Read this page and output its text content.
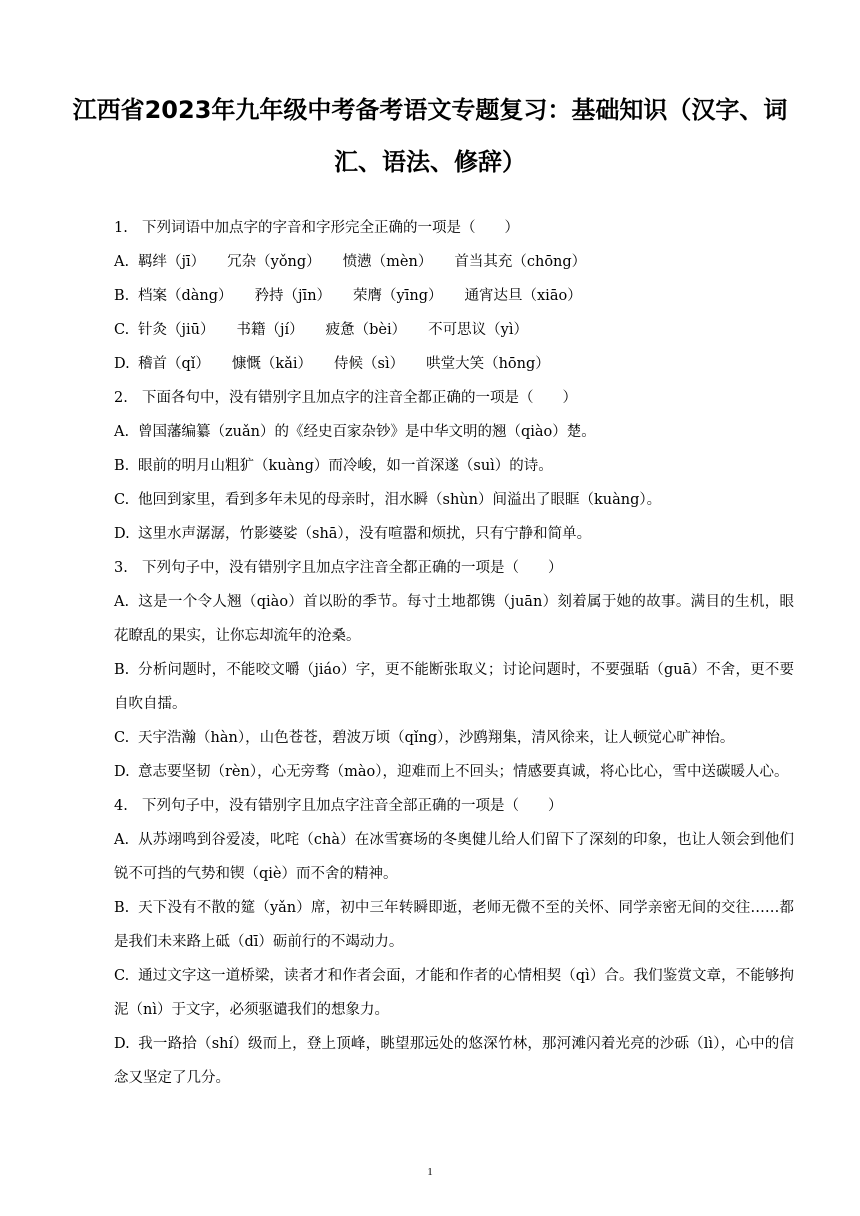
江西省2023年九年级中考备考语文专题复习：基础知识（汉字、词汇、语法、修辞）

1. 下列词语中加点字的字音和字形完全正确的一项是（　　）

A. 羁绊（jī） 冗杂（yǒng） 愤懑（mèn） 首当其充（chōng）

B. 档案（dàng） 矜持（jīn） 荣膺（yīng） 通宵达旦（xiāo）

C. 针灸（jiū） 书籍（jí） 疲惫（bèi） 不可思议（yì）

D. 稽首（qǐ） 慷慨（kǎi） 侍候（sì） 哄堂大笑（hōng）

2. 下面各句中，没有错别字且加点字的注音全都正确的一项是（　　）

A. 曾国藩编纂（zuǎn）的《经史百家杂钞》是中华文明的翘（qiào）楚。

B. 眼前的明月山粗犷（kuàng）而冷峻，如一首深遂（suì）的诗。

C. 他回到家里，看到多年未见的母亲时，泪水瞬（shùn）间溢出了眼眶（kuàng）。

D. 这里水声潺潺，竹影婆娑（shā），没有喧嚣和烦扰，只有宁静和简单。

3. 下列句子中，没有错别字且加点字注音全都正确的一项是（　　）

A. 这是一个令人翘（qiào）首以盼的季节。每寸土地都镌（juān）刻着属于她的故事。满目的生机，眼花瞭乱的果实，让你忘却流年的沧桑。

B. 分析问题时，不能咬文嚼（jiáo）字，更不能断张取义；讨论问题时，不要强聒（guā）不舍，更不要自吹自擂。

C. 天宇浩瀚（hàn），山色苍苍，碧波万顷（qǐng），沙鸥翔集，清风徐来，让人顿觉心旷神怡。

D. 意志要坚韧（rèn），心无旁骛（mào），迎难而上不回头；情感要真诚，将心比心，雪中送碳暖人心。

4. 下列句子中，没有错别字且加点字注音全部正确的一项是（　　）

A. 从苏翊鸣到谷爱凌，叱咤（chà）在冰雪赛场的冬奥健儿给人们留下了深刻的印象，也让人领会到他们锐不可挡的气势和锲（qiè）而不舍的精神。

B. 天下没有不散的筵（yǎn）席，初中三年转瞬即逝，老师无微不至的关怀、同学亲密无间的交往……都是我们未来路上砥（dī）砺前行的不竭动力。

C. 通过文字这一道桥梁，读者才和作者会面，才能和作者的心情相契（qì）合。我们鉴赏文章，不能够拘泥（nì）于文字，必须驱谴我们的想象力。

D. 我一路拾（shí）级而上，登上顶峰，眺望那远处的悠深竹林，那河滩闪着光亮的沙砾（lì），心中的信念又坚定了几分。

1
